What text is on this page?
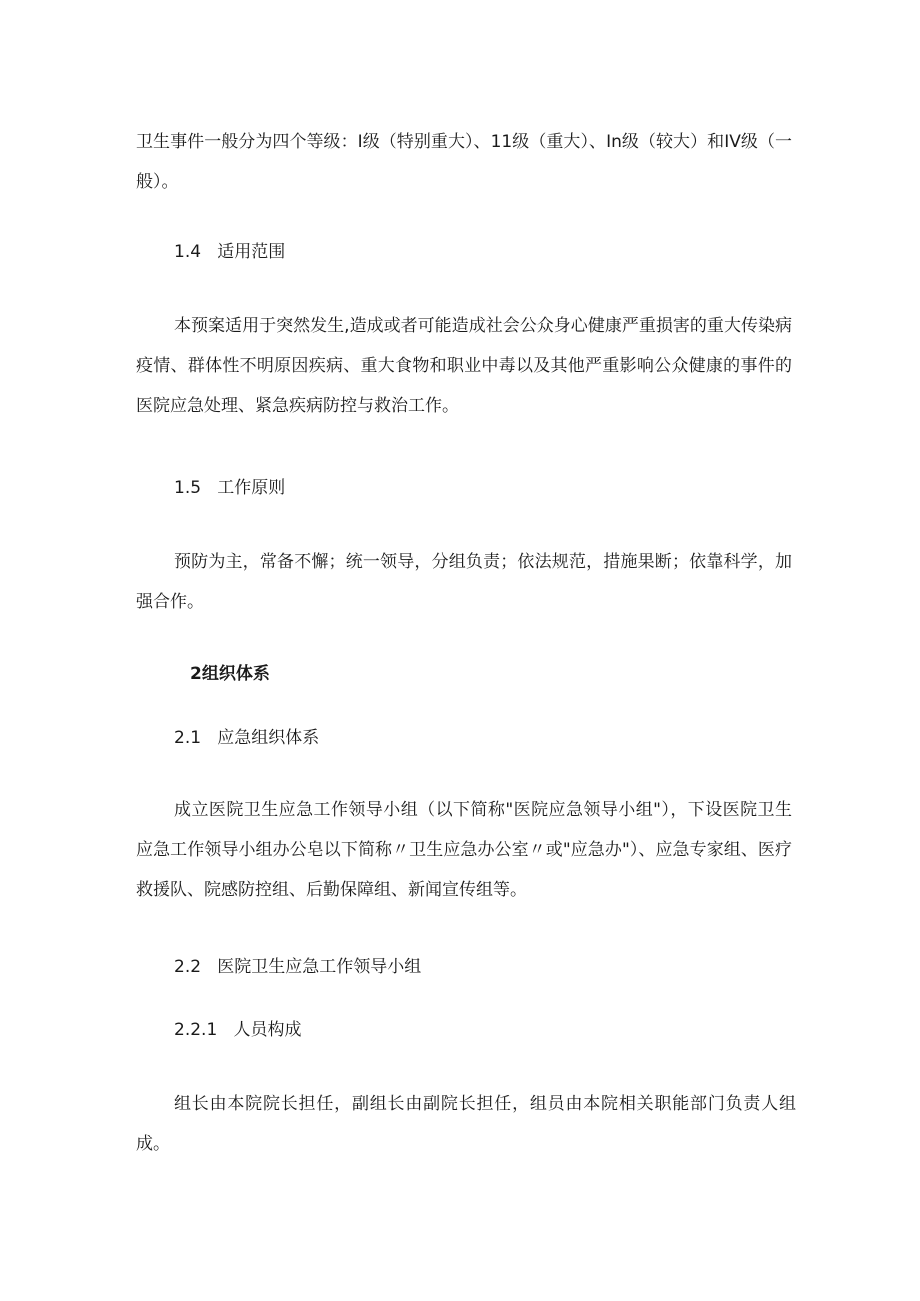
卫生事件一般分为四个等级：I级（特别重大）、11级（重大）、In级（较大）和IV级（一般）。

1.4   适用范围

本预案适用于突然发生,造成或者可能造成社会公众身心健康严重损害的重大传染病疫情、群体性不明原因疾病、重大食物和职业中毒以及其他严重影响公众健康的事件的医院应急处理、紧急疾病防控与救治工作。

1.5   工作原则

预防为主，常备不懈；统一领导，分组负责；依法规范，措施果断；依靠科学，加强合作。

2组织体系

2.1   应急组织体系

成立医院卫生应急工作领导小组（以下简称"医院应急领导小组"），下设医院卫生应急工作领导小组办公皂以下简称〃卫生应急办公室〃或"应急办"）、应急专家组、医疗救援队、院感防控组、后勤保障组、新闻宣传组等。

2.2   医院卫生应急工作领导小组

2.2.1   人员构成

组长由本院院长担任，副组长由副院长担任，组员由本院相关职能部门负责人组成。
